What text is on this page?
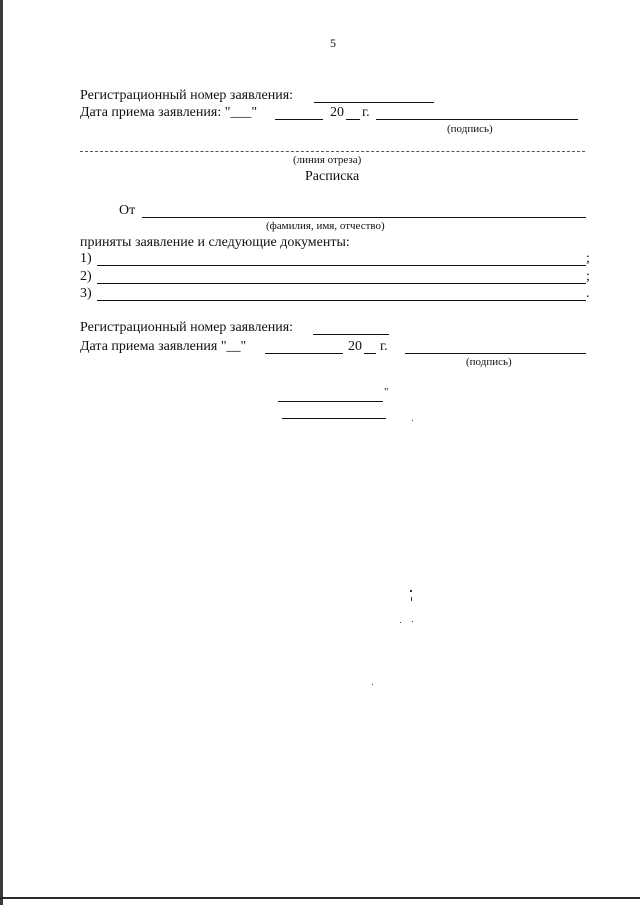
5
Регистрационный номер заявления:
Дата приема заявления: "___"	20 г.
(подпись)
(линия отреза)
Расписка
От
(фамилия, имя, отчество)
приняты заявление и следующие документы:
1)	;
2)	;
3)	.
Регистрационный номер заявления:
Дата приема заявления "__"	20 г.
(подпись)
"
